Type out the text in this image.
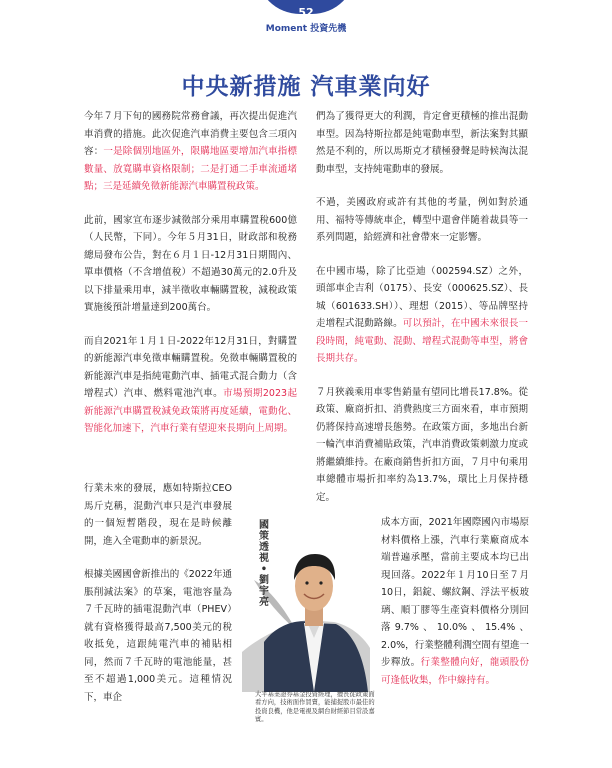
52
Moment 投資先機
中央新措施 汽車業向好

今年７月下旬的國務院常務會議，再次提出促進汽車消費的措施。此次促進汽車消費主要包含三項內容：一是除個別地區外，限購地區要增加汽車指標數量、放寬購車資格限制；二是打通二手車流通堵點；三是延續免徵新能源汽車購置稅政策。

此前，國家宣布逐步減徵部分乘用車購置稅600億（人民幣，下同）。今年５月31日，財政部和稅務總局發布公告，對在６月１日-12月31日期間內、單車價格（不含增值稅）不超過30萬元的2.0升及以下排量乘用車，減半徵收車輛購置稅，減稅政策實施後預計增量達到200萬台。

而自2021年１月１日-2022年12月31日，對購置的新能源汽車免徵車輛購置稅。免徵車輛購置稅的新能源汽車是指純電動汽車、插電式混合動力（含增程式）汽車、燃料電池汽車。市場預期2023起新能源汽車購置稅減免政策將再度延續，電動化、智能化加速下，汽車行業有望迎來長期向上周期。

行業未來的發展，應如特斯拉CEO馬斤克稱，混動汽車只是汽車發展的一個短暫階段，現在是時候離開，進入全電動車的新景況。

根據美國國會新推出的《2022年通脹削減法案》的草案，電池容量為７千瓦時的插電混動汽車（PHEV）就有資格獲得最高7,500美元的稅收抵免，這跟純電汽車的補貼相同，然而７千瓦時的電池能量，甚至不超過1,000美元。這種情況下，車企

們為了獲得更大的利潤，肯定會更積極的推出混動車型。因為特斯拉都是純電動車型，新法案對其顯然是不利的，所以馬斯克才積極發聲是時候淘汰混動車型，支持純電動車的發展。

不過，美國政府或許有其他的考量，例如對於通用、福特等傳統車企，轉型中還會伴隨着裁員等一系列問題，給經濟和社會帶來一定影響。

在中國市場，除了比亞迪（002594.SZ）之外，頭部車企吉利（0175）、長安（000625.SZ）、長城（601633.SH））、理想（2015）、等品牌堅持走增程式混動路線。可以預計，在中國未來很長一段時間，純電動、混動、增程式混動等車型，將會長期共存。

７月狹義乘用車零售銷量有望同比增長17.8%。從政策、廠商折扣、消費熱度三方面來看，車市預期仍將保持高速增長態勢。在政策方面，多地出台新一輪汽車消費補貼政策，汽車消費政策刺激力度或將繼續維持。在廠商銷售折扣方面，７月中旬乘用車總體市場折扣率約為13.7%，環比上月保持穩定。

成本方面，2021年國際國內市場原材料價格上漲，汽車行業廠商成本端普遍承壓，當前主要成本均已出現回落。2022年１月10日至７月10日，鋁錠、螺紋鋼、浮法平板玻璃、順丁膠等生產資料價格分別回落9.7%、10.0%、15.4%、2.0%，行業整體利潤空間有望進一步釋放。行業整體向好，龍頭股份可逢低收集，作中線持有。

國策透視
•
劉宇亮
大平基業證券基金投資經理，擅長從政策面看方向，技術面作買賣，能捕捉股市最佳的投資良機，他是電視及網台財經節目常設嘉賓。
